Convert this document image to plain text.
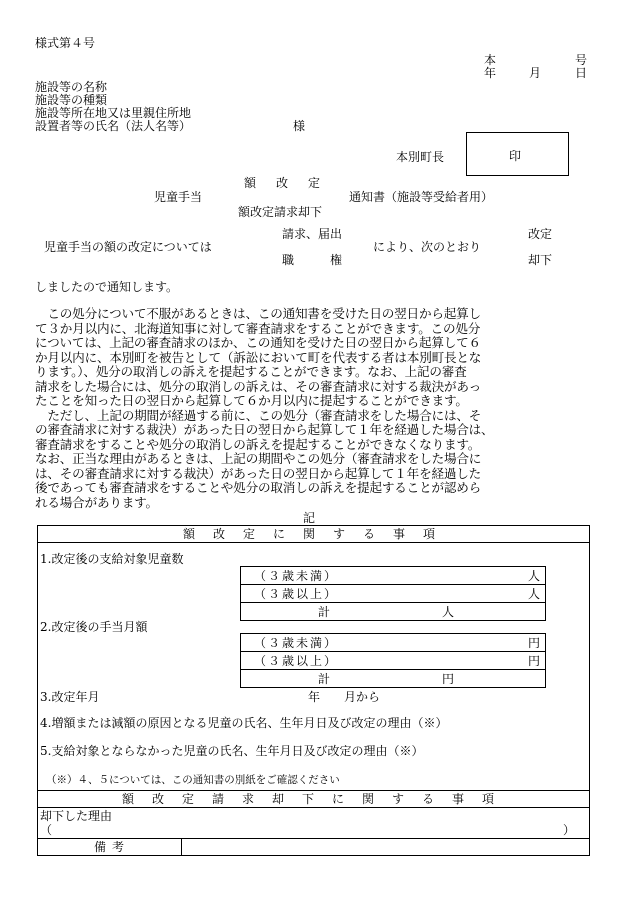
様式第４号
本	号
年	月	日
施設等の名称
施設等の種類
施設等所在地又は里親住所地
設置者等の氏名（法人名等）	様
本別町長	印
額　改　定
児童手当	通知書（施設等受給者用）
額改定請求却下
請求、届出
児童手当の額の改定については	により、次のとおり
改定
職　　　権	却下
しましたので通知します。
　この処分について不服があるときは、この通知書を受けた日の翌日から起算し
て３か月以内に、北海道知事に対して審査請求をすることができます。この処分
については、上記の審査請求のほか、この通知を受けた日の翌日から起算して６
か月以内に、本別町を被告として（訴訟において町を代表する者は本別町長とな
ります。）、処分の取消しの訴えを提起することができます。なお、上記の審査
請求をした場合には、処分の取消しの訴えは、その審査請求に対する裁決があっ
たことを知った日の翌日から起算して６か月以内に提起することができます。
　ただし、上記の期間が経過する前に、この処分（審査請求をした場合には、そ
の審査請求に対する裁決）があった日の翌日から起算して１年を経過した場合は、
審査請求をすることや処分の取消しの訴えを提起することができなくなります。
なお、正当な理由があるときは、上記の期間やこの処分（審査請求をした場合に
は、その審査請求に対する裁決）があった日の翌日から起算して１年を経過した
後であっても審査請求をすることや処分の取消しの訴えを提起することが認めら
れる場合があります。
記
額　改　定　に　関　す　る　事　項
1.改定後の支給対象児童数
（３歳未満）	人
（３歳以上）	人
計	人
2.改定後の手当月額
（３歳未満）	円
（３歳以上）	円
計	円
3.改定年月	年　　月から
4.増額または減額の原因となる児童の氏名、生年月日及び改定の理由（※）
5.支給対象とならなかった児童の氏名、生年月日及び改定の理由（※）
（※）４、５については、この通知書の別紙をご確認ください
額　改　定　請　求　却　下　に　関　す　る　事　項
却下した理由
（	）
備考
